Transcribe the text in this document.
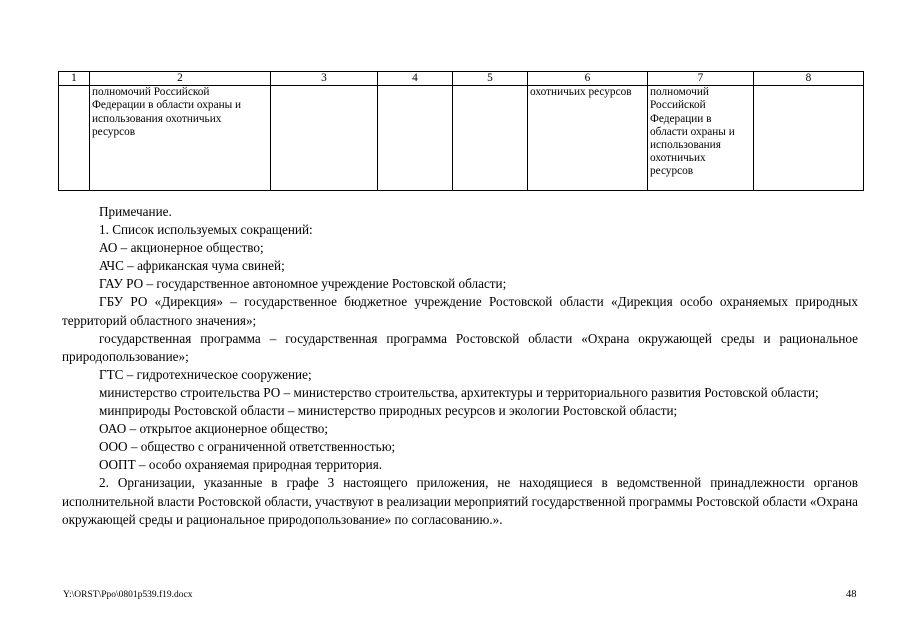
1	2	3	4	5	6	7	8
	полномочий Российской Федерации в области охраны и использования охотничьих ресурсов				охотничьих ресурсов	полномочий Российской Федерации в области охраны и использования охотничьих ресурсов	

Примечание.

1. Список используемых сокращений:

АО – акционерное общество;

АЧС – африканская чума свиней;

ГАУ РО – государственное автономное учреждение Ростовской области;

ГБУ РО «Дирекция» – государственное бюджетное учреждение Ростовской области «Дирекция особо охраняемых природных территорий областного значения»;

государственная программа – государственная программа Ростовской области «Охрана окружающей среды и рациональное природопользование»;

ГТС – гидротехническое сооружение;

министерство строительства РО – министерство строительства, архитектуры и территориального развития Ростовской области;

минприроды Ростовской области – министерство природных ресурсов и экологии Ростовской области;

ОАО – открытое акционерное общество;

ООО – общество с ограниченной ответственностью;

ООПТ – особо охраняемая природная территория.

2. Организации, указанные в графе 3 настоящего приложения, не находящиеся в ведомственной принадлежности органов исполнительной власти Ростовской области, участвуют в реализации мероприятий государственной программы Ростовской области «Охрана окружающей среды и рациональное природопользование» по согласованию.».

Y:\ORST\Ppo\0801p539.f19.docx	48
